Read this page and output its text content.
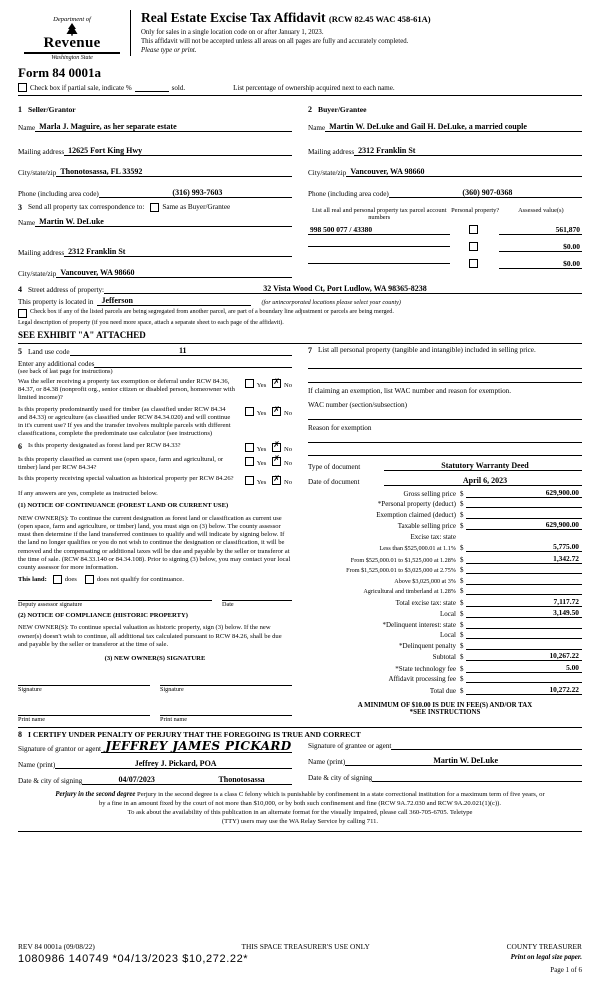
Department of
Revenue
Washington State
Real Estate Excise Tax Affidavit (RCW 82.45 WAC 458-61A)
Only for sales in a single location code on or after January 1, 2023.
This affidavit will not be accepted unless all areas on all pages are fully and accurately completed.
Please type or print.
Form 84 0001a
Check box if partial sale, indicate %	sold.	List percentage of ownership acquired next to each name.
1 Seller/Grantor
Name Marla J. Maguire, as her separate estate
Mailing address 12625 Fort King Hwy
City/state/zip Thonotosassa, FL 33592
Phone (including area code)	(316) 993-7603
2 Buyer/Grantee
Name Martin W. DeLuke and Gail H. DeLuke, a married couple
Mailing address 2312 Franklin St
City/state/zip Vancouver, WA 98660
Phone (including area code)	(360) 907-0368
3 Send all property tax correspondence to:	Same as Buyer/Grantee
Name Martin W. DeLuke
Mailing address 2312 Franklin St
City/state/zip Vancouver, WA 98660
List all real and personal property tax parcel account numbers
Personal property?	Assessed value(s)
998 500 077 / 43380	561,870
$0.00
$0.00
4 Street address of property:	32 Vista Wood Ct, Port Ludlow, WA 98365-8238
This property is located in	Jefferson	(for unincorporated locations please select your county)
Check box if any of the listed parcels are being segregated from another parcel, are part of a boundary line adjustment or parcels are being merged.
Legal description of property (if you need more space, attach a separate sheet to each page of the affidavit).
SEE EXHIBIT "A" ATTACHED
5 Land use code	11
Enter any additional codes
(see back of last page for instructions)
Was the seller receiving a property tax exemption or deferral under RCW 84.36, 84.37, or 84.38 (nonprofit org., senior citizen or disabled person, homeowner with limited income)?
Yes ✗No
Is this property predominantly used for timber (as classified under RCW 84.34 and 84.33) or agriculture (as classified under RCW 84.34.020) and will continue in it's current use? If yes and the transfer involves multiple parcels with different classifications, complete the predominate use calculator (see instructions)
Yes ✗No
6 Is this property designated as forest land per RCW 84.33?
Yes ✗No
Is this property classified as current use (open space, farm and agricultural, or timber) land per RCW 84.34?
Yes ✗No
Is this property receiving special valuation as historical property per RCW 84.26?
Yes ✗No
If any answers are yes, complete as instructed below.
(1) NOTICE OF CONTINUANCE (FOREST LAND OR CURRENT USE)
NEW OWNER(S): To continue the current designation as forest land or classification as current use (open space, farm and agriculture, or timber) land, you must sign on (3) below. The county assessor must then determine if the land transferred continues to qualify and will indicate by signing below. If the land no longer qualifies or you do not wish to continue the designation or classification, it will be removed and the compensating or additional taxes will be due and payable by the seller or transferor at the time of sale. (RCW 84.33.140 or 84.34.108). Prior to signing (3) below, you may contact your local county assessor for more information.
This land:	does	does not qualify for continuance.
Deputy assessor signature	Date
(2) NOTICE OF COMPLIANCE (HISTORIC PROPERTY)
NEW OWNER(S): To continue special valuation as historic property, sign (3) below. If the new owner(s) doesn't wish to continue, all additional tax calculated pursuant to RCW 84.26, shall be due and payable by the seller or transferor at the time of sale.
(3) NEW OWNER(S) SIGNATURE
Signature	Signature
Print name	Print name
7 List all personal property (tangible and intangible) included in selling price.
If claiming an exemption, list WAC number and reason for exemption.
WAC number (section/subsection)
Reason for exemption
Type of document	Statutory Warranty Deed
Date of document	April 6, 2023
Gross selling price $	629,900.00
*Personal property (deduct) $
Exemption claimed (deduct) $
Taxable selling price $	629,900.00
Excise tax: state
Less than $525,000.01 at 1.1% $	5,775.00
From $525,000.01 to $1,525,000 at 1.28% $	1,342.72
From $1,525,000.01 to $3,025,000 at 2.75% $
Above $3,025,000 at 3% $
Agricultural and timberland at 1.28% $
Total excise tax: state $	7,117.72
Local $	3,149.50
*Delinquent interest: state $
Local $
*Delinquent penalty $
Subtotal $	10,267.22
*State technology fee $	5.00
Affidavit processing fee $
Total due $	10,272.22
A MINIMUM OF $10.00 IS DUE IN FEE(S) AND/OR TAX
*SEE INSTRUCTIONS
8 I CERTIFY UNDER PENALTY OF PERJURY THAT THE FOREGOING IS TRUE AND CORRECT
Signature of grantor or agent JEFFREY JAMES PICKARD
Name (print)	Jeffrey J. Pickard, POA
Date & city of signing	04/07/2023	Thonotosassa
Signature of grantee or agent
Name (print)	Martin W. DeLuke
Date & city of signing
Perjury in the second degree Perjury in the second degree is a class C felony which is punishable by confinement in a state correctional institution for a maximum term of five years, or
by a fine in an amount fixed by the court of not more than $10,000, or by both such confinement and fine (RCW 9A.72.030 and RCW 9A.20.021(1)(c)).
To ask about the availability of this publication in an alternate format for the visually impaired, please call 360-705-6705. Teletype
(TTY) users may use the WA Relay Service by calling 711.
REV 84 0001a (09/08/22)	THIS SPACE TREASURER'S USE ONLY	COUNTY TREASURER
1080986 140749 *04/13/2023 $10,272.22*	Print on legal size paper.
Page 1 of 6
